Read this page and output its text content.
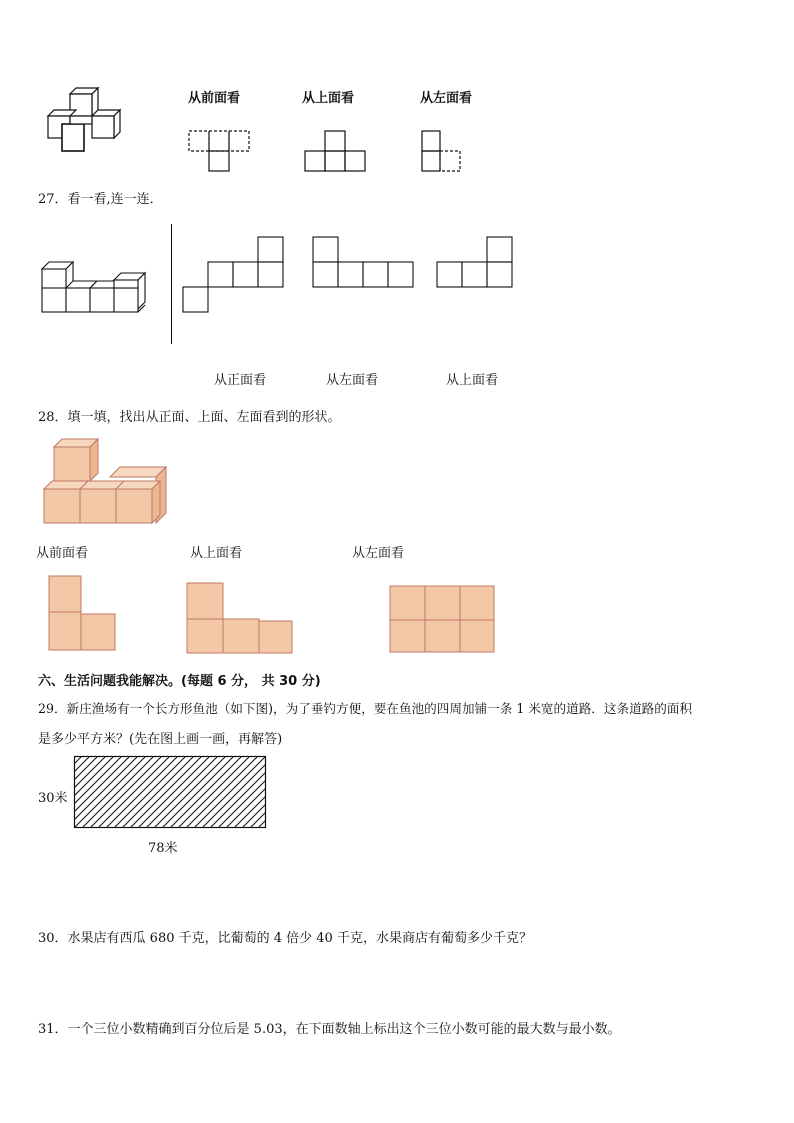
从前面看	从上面看	从左面看
27．看一看,连一连．
从正面看	从左面看	从上面看
28．填一填，找出从正面、上面、左面看到的形状。
从前面看	从上面看	从左面看
六、生活问题我能解决。(每题 6 分， 共 30 分)
29．新庄渔场有一个长方形鱼池（如下图)，为了垂钓方便，要在鱼池的四周加铺一条 1 米宽的道路．这条道路的面积
是多少平方米？(先在图上画一画，再解答)
30米
78米
30．水果店有西瓜 680 千克，比葡萄的 4 倍少 40 千克，水果商店有葡萄多少千克？
31．一个三位小数精确到百分位后是 5.03，在下面数轴上标出这个三位小数可能的最大数与最小数。
